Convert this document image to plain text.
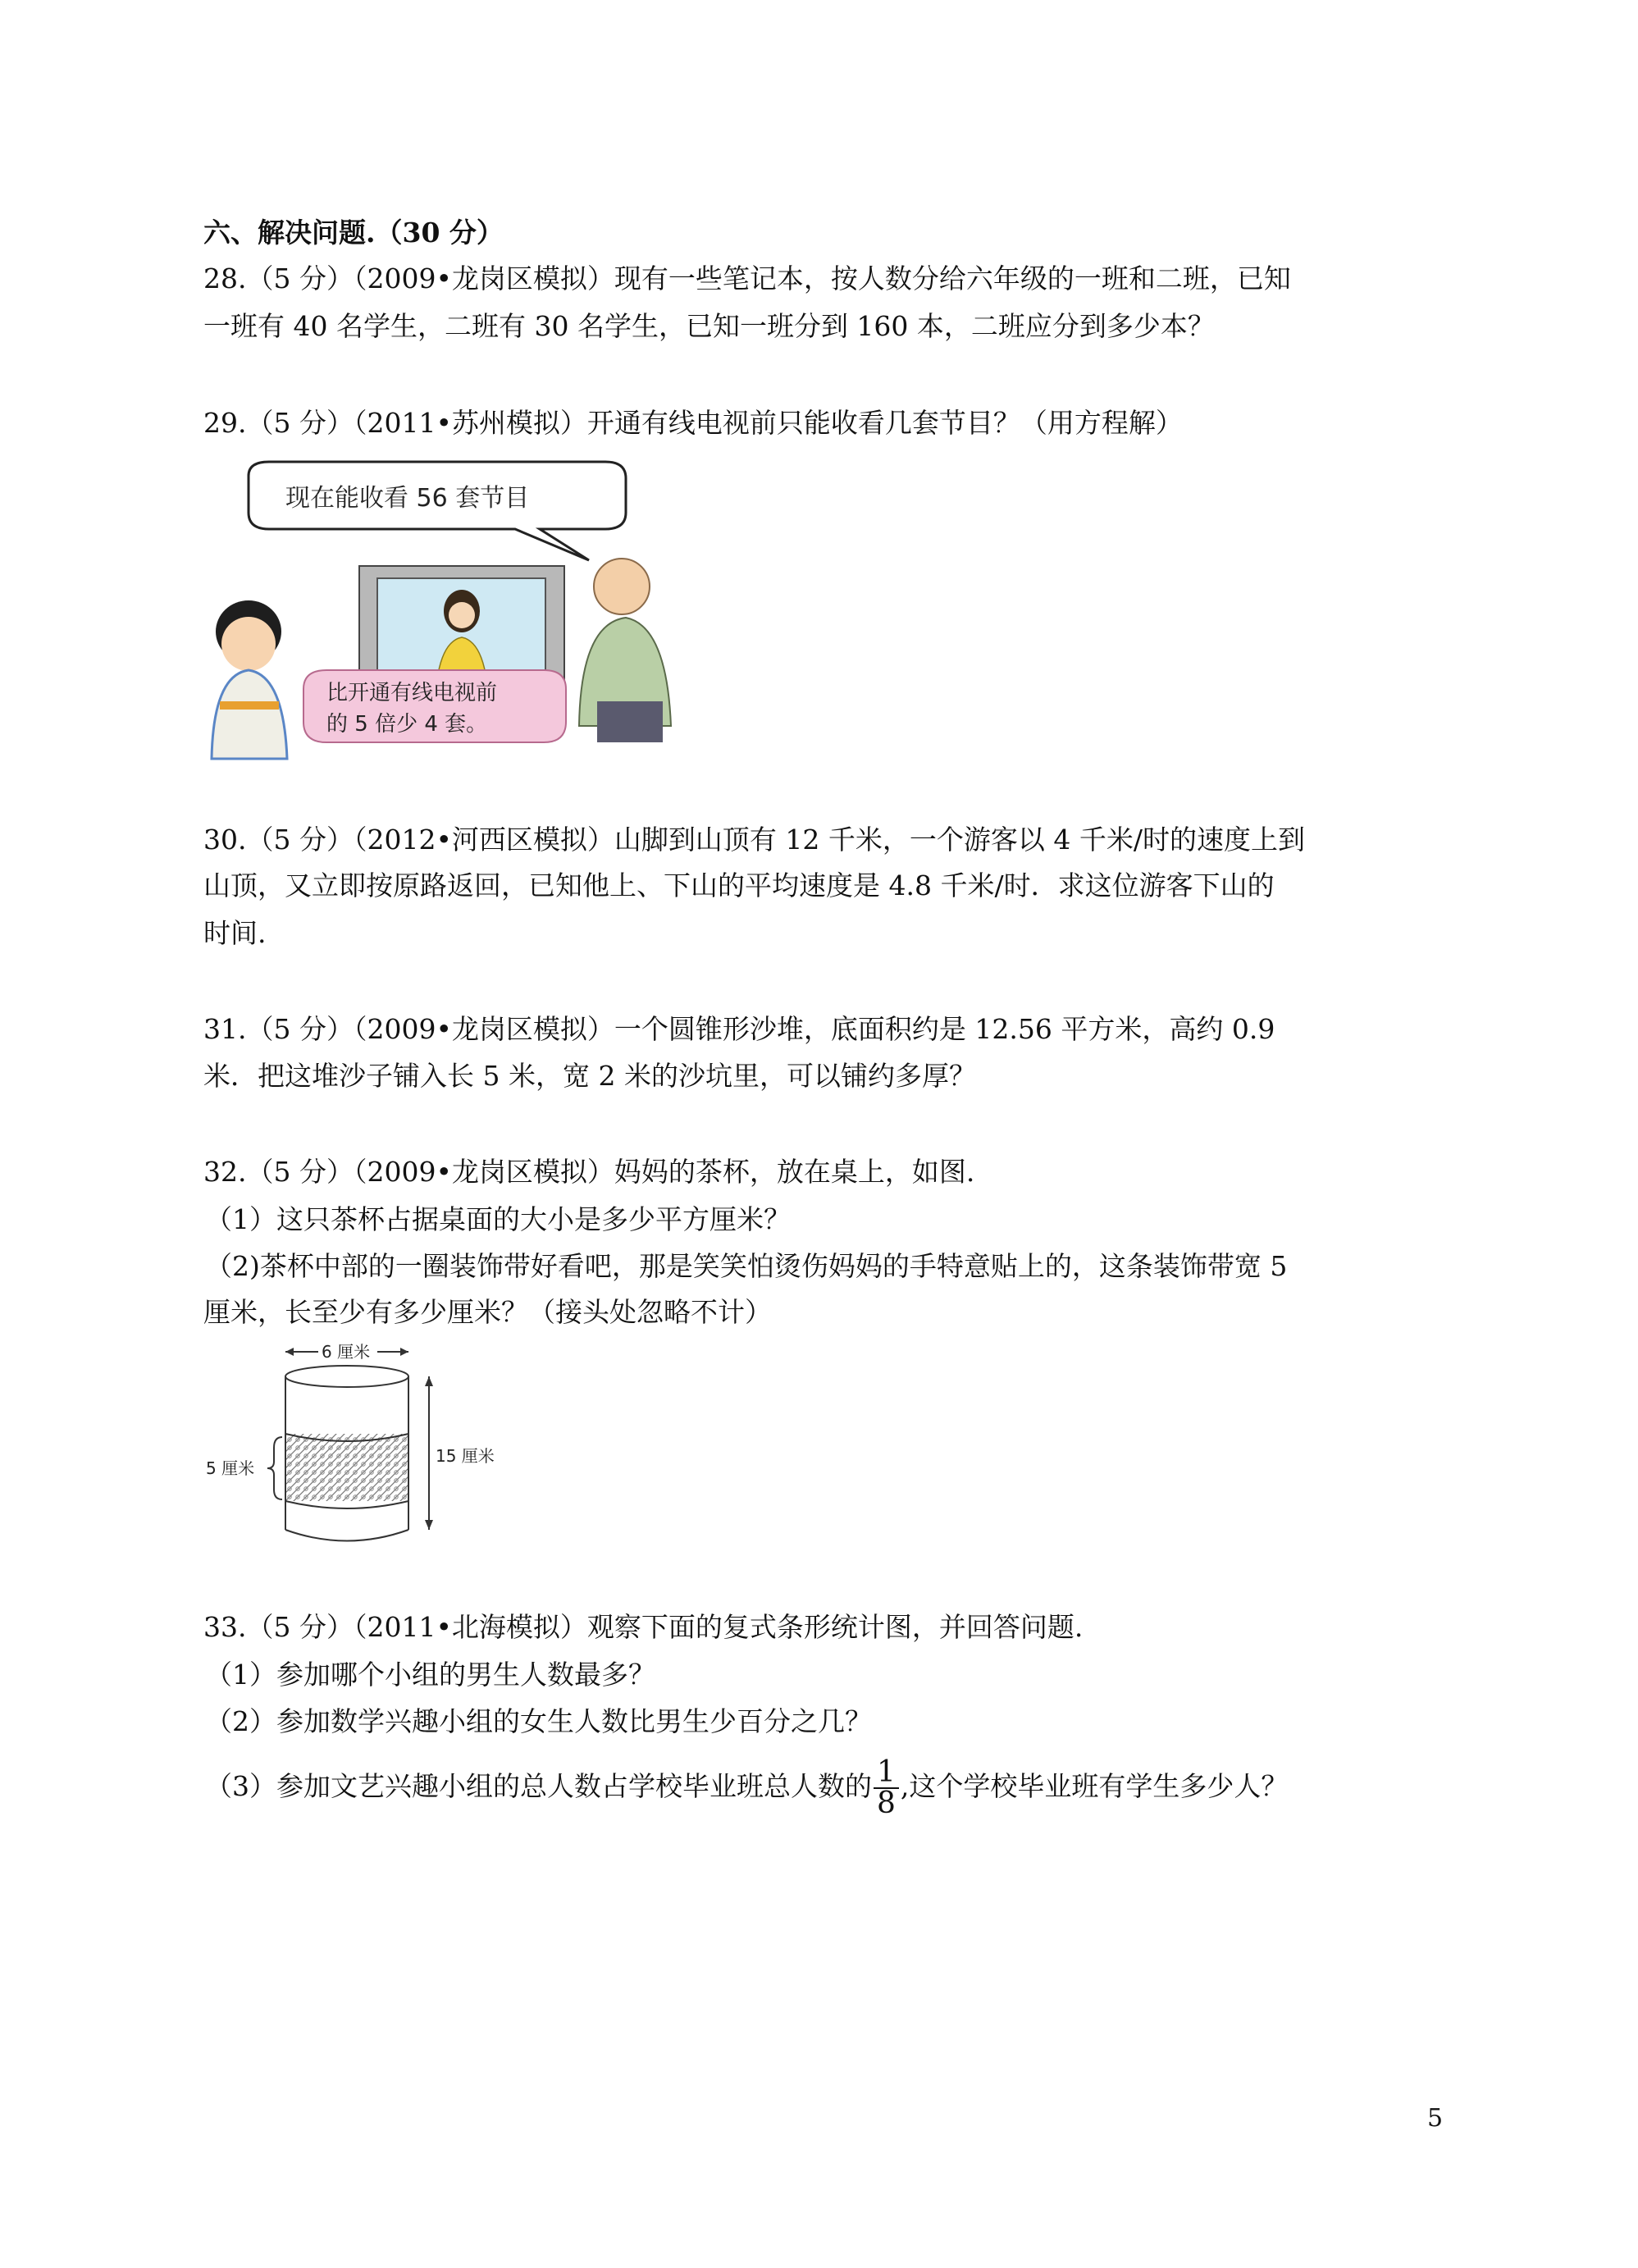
六、解决问题.（30 分）
28.（5 分）（2009•龙岗区模拟）现有一些笔记本，按人数分给六年级的一班和二班，已知
一班有 40 名学生，二班有 30 名学生，已知一班分到 160 本，二班应分到多少本？
29.（5 分）（2011•苏州模拟）开通有线电视前只能收看几套节目？（用方程解）
现在能收看 56 套节目
比开通有线电视前
的 5 倍少 4 套。
30.（5 分）（2012•河西区模拟）山脚到山顶有 12 千米，一个游客以 4 千米/时的速度上到
山顶，又立即按原路返回，已知他上、下山的平均速度是 4.8 千米/时．求这位游客下山的
时间.
31.（5 分）（2009•龙岗区模拟）一个圆锥形沙堆，底面积约是 12.56 平方米，高约 0.9
米．把这堆沙子铺入长 5 米，宽 2 米的沙坑里，可以铺约多厚？
32.（5 分）（2009•龙岗区模拟）妈妈的茶杯，放在桌上，如图.
（1）这只茶杯占据桌面的大小是多少平方厘米？
（2)茶杯中部的一圈装饰带好看吧，那是笑笑怕烫伤妈妈的手特意贴上的，这条装饰带宽 5
厘米，长至少有多少厘米？（接头处忽略不计）
6 厘米
15 厘米
5 厘米
33.（5 分）（2011•北海模拟）观察下面的复式条形统计图，并回答问题.
（1）参加哪个小组的男生人数最多？
（2）参加数学兴趣小组的女生人数比男生少百分之几？
（3）参加文艺兴趣小组的总人数占学校毕业班总人数的 $\frac{1}{8}$ ,这个学校毕业班有学生多少人？
5
